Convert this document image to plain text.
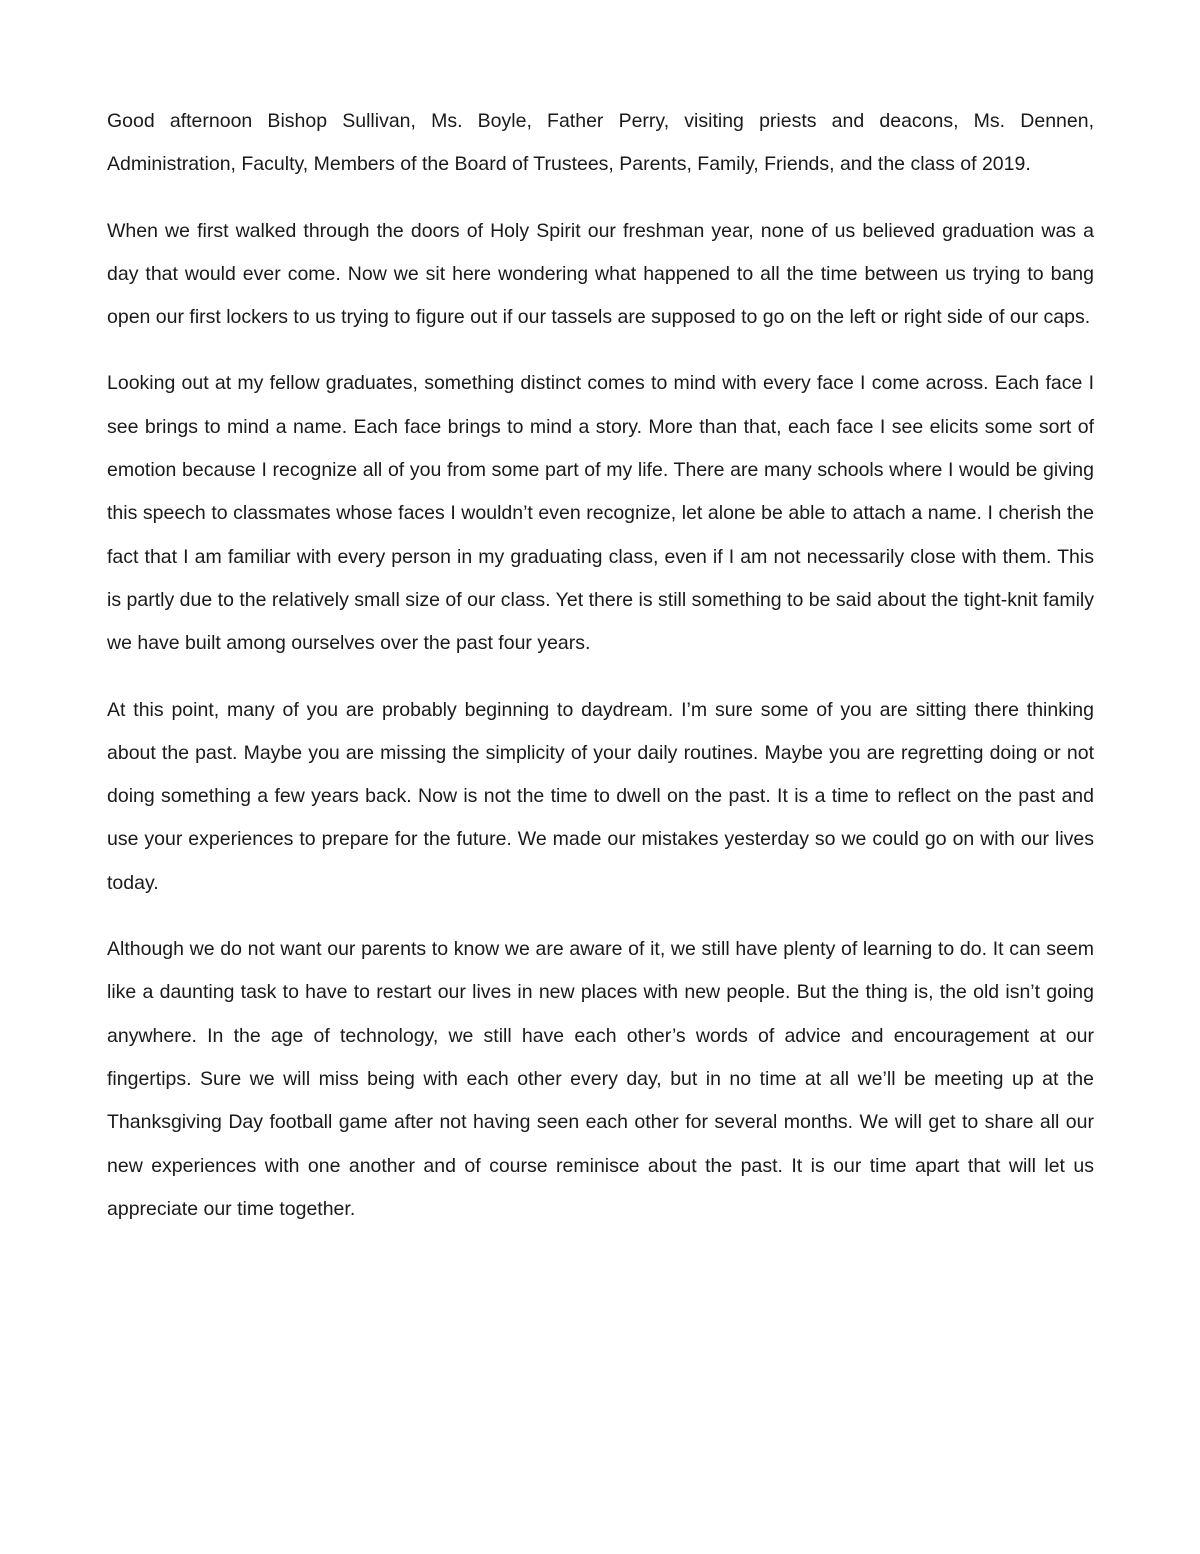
Good afternoon Bishop Sullivan, Ms. Boyle, Father Perry, visiting priests and deacons, Ms. Dennen, Administration, Faculty, Members of the Board of Trustees, Parents, Family, Friends, and the class of 2019.

When we first walked through the doors of Holy Spirit our freshman year, none of us believed graduation was a day that would ever come. Now we sit here wondering what happened to all the time between us trying to bang open our first lockers to us trying to figure out if our tassels are supposed to go on the left or right side of our caps.

Looking out at my fellow graduates, something distinct comes to mind with every face I come across. Each face I see brings to mind a name. Each face brings to mind a story. More than that, each face I see elicits some sort of emotion because I recognize all of you from some part of my life. There are many schools where I would be giving this speech to classmates whose faces I wouldn’t even recognize, let alone be able to attach a name. I cherish the fact that I am familiar with every person in my graduating class, even if I am not necessarily close with them. This is partly due to the relatively small size of our class. Yet there is still something to be said about the tight-knit family we have built among ourselves over the past four years.

At this point, many of you are probably beginning to daydream. I’m sure some of you are sitting there thinking about the past. Maybe you are missing the simplicity of your daily routines. Maybe you are regretting doing or not doing something a few years back. Now is not the time to dwell on the past. It is a time to reflect on the past and use your experiences to prepare for the future. We made our mistakes yesterday so we could go on with our lives today.

Although we do not want our parents to know we are aware of it, we still have plenty of learning to do. It can seem like a daunting task to have to restart our lives in new places with new people. But the thing is, the old isn’t going anywhere. In the age of technology, we still have each other’s words of advice and encouragement at our fingertips. Sure we will miss being with each other every day, but in no time at all we’ll be meeting up at the Thanksgiving Day football game after not having seen each other for several months. We will get to share all our new experiences with one another and of course reminisce about the past. It is our time apart that will let us appreciate our time together.
